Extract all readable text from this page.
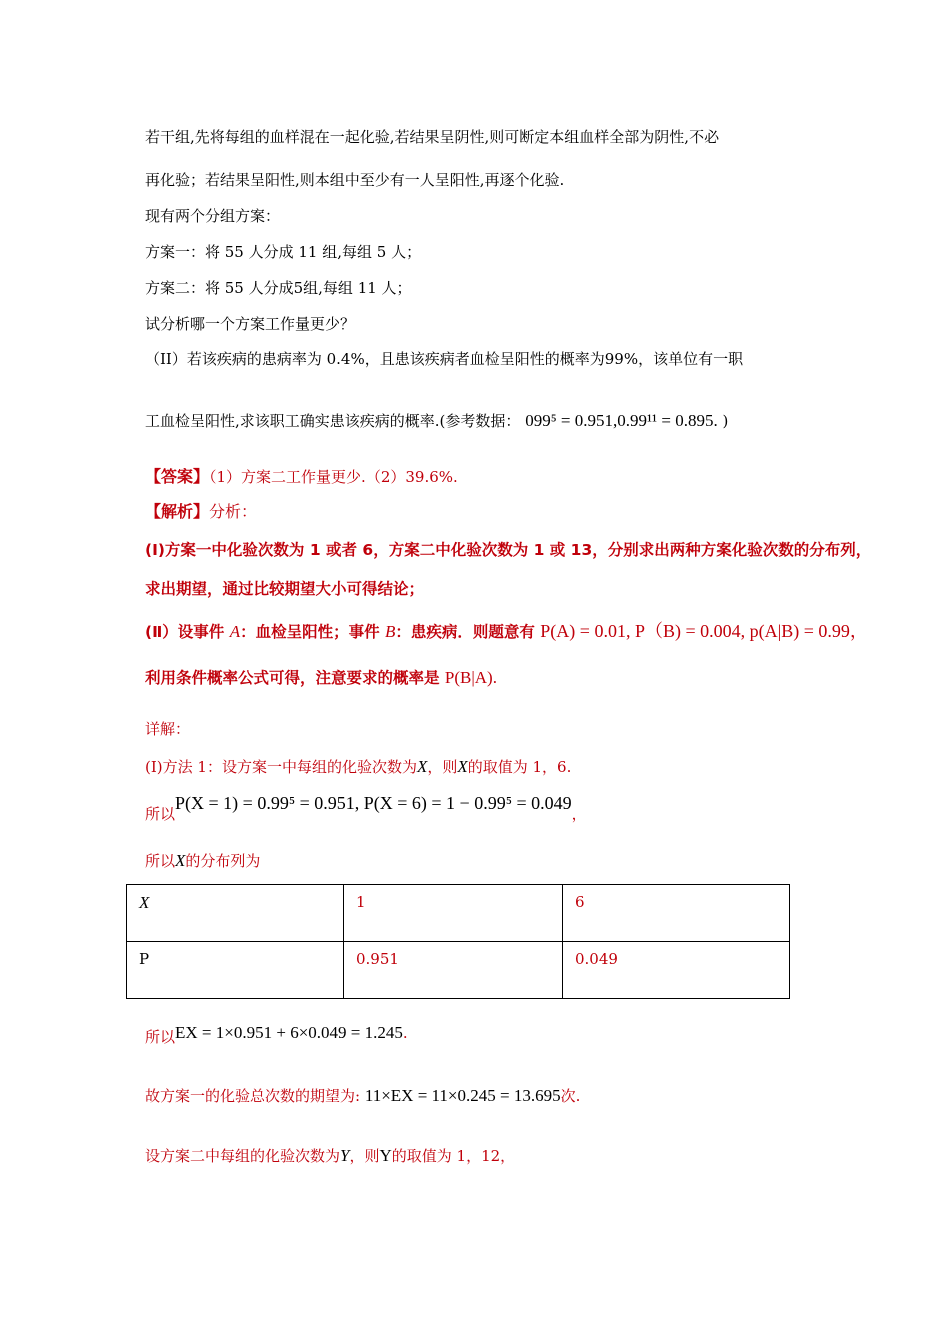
若干组,先将每组的血样混在一起化验,若结果呈阴性,则可断定本组血样全部为阴性,不必
再化验；若结果呈阳性,则本组中至少有一人呈阳性,再逐个化验.
现有两个分组方案：
方案一：将 55 人分成 11 组,每组 5 人；
方案二：将 55 人分成5组,每组 11 人；
试分析哪一个方案工作量更少？
（II）若该疾病的患病率为 0.4%，且患该疾病者血检呈阳性的概率为99%，该单位有一职
工血检呈阳性,求该职工确实患该疾病的概率.(参考数据： 099⁵ = 0.951,0.99¹¹ = 0.895. )
【答案】（1）方案二工作量更少.（2）39.6%.
【解析】分析：
(Ⅰ)方案一中化验次数为 1 或者 6，方案二中化验次数为 1 或 13，分别求出两种方案化验次数的分布列，
求出期望，通过比较期望大小可得结论；
(Ⅱ）设事件 A：血检呈阳性；事件 B：患疾病．则题意有 P(A) = 0.01, P（B) = 0.004, p(A|B) = 0.99，
利用条件概率公式可得，注意要求的概率是 P(B|A).
详解：
(Ⅰ)方法 1：设方案一中每组的化验次数为X，则X的取值为 1，6.
所以P(X = 1) = 0.99⁵ = 0.951, P(X = 6) = 1 − 0.99⁵ = 0.049，
所以X的分布列为
X	1	6
P	0.951	0.049
所以EX = 1×0.951 + 6×0.049 = 1.245.
故方案一的化验总次数的期望为: 11×EX = 11×0.245 = 13.695次.
设方案二中每组的化验次数为Y，则Y的取值为 1，12，
